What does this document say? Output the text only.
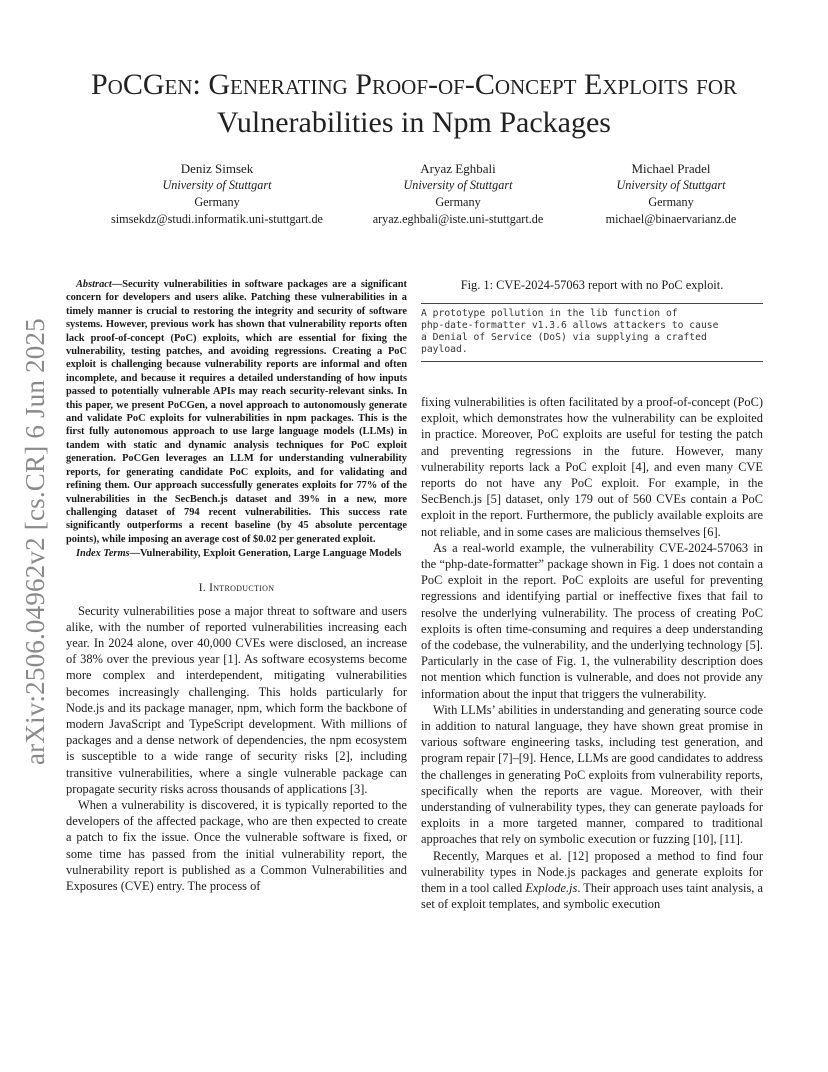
arXiv:2506.04962v2 [cs.CR] 6 Jun 2025
PoCGen: Generating Proof-of-Concept Exploits for
Vulnerabilities in Npm Packages
Deniz Simsek
University of Stuttgart
Germany
simsekdz@studi.informatik.uni-stuttgart.de
Aryaz Eghbali
University of Stuttgart
Germany
aryaz.eghbali@iste.uni-stuttgart.de
Michael Pradel
University of Stuttgart
Germany
michael@binaervarianz.de

Abstract—Security vulnerabilities in software packages are a significant concern for developers and users alike. Patching these vulnerabilities in a timely manner is crucial to restoring the integrity and security of software systems. However, previous work has shown that vulnerability reports often lack proof-of-concept (PoC) exploits, which are essential for fixing the vulnerability, testing patches, and avoiding regressions. Creating a PoC exploit is challenging because vulnerability reports are informal and often incomplete, and because it requires a detailed understanding of how inputs passed to potentially vulnerable APIs may reach security-relevant sinks. In this paper, we present PoCGen, a novel approach to autonomously generate and validate PoC exploits for vulnerabilities in npm packages. This is the first fully autonomous approach to use large language models (LLMs) in tandem with static and dynamic analysis techniques for PoC exploit generation. PoCGen leverages an LLM for understanding vulnerability reports, for generating candidate PoC exploits, and for validating and refining them. Our approach successfully generates exploits for 77% of the vulnerabilities in the SecBench.js dataset and 39% in a new, more challenging dataset of 794 recent vulnerabilities. This success rate significantly outperforms a recent baseline (by 45 absolute percentage points), while imposing an average cost of $0.02 per generated exploit.

Index Terms—Vulnerability, Exploit Generation, Large Language Models

I. Introduction

Security vulnerabilities pose a major threat to software and users alike, with the number of reported vulnerabilities increasing each year. In 2024 alone, over 40,000 CVEs were disclosed, an increase of 38% over the previous year [1]. As software ecosystems become more complex and interdependent, mitigating vulnerabilities becomes increasingly challenging. This holds particularly for Node.js and its package manager, npm, which form the backbone of modern JavaScript and TypeScript development. With millions of packages and a dense network of dependencies, the npm ecosystem is susceptible to a wide range of security risks [2], including transitive vulnerabilities, where a single vulnerable package can propagate security risks across thousands of applications [3].

When a vulnerability is discovered, it is typically reported to the developers of the affected package, who are then expected to create a patch to fix the issue. Once the vulnerable software is fixed, or some time has passed from the initial vulnerability report, the vulnerability report is published as a Common Vulnerabilities and Exposures (CVE) entry. The process of

Fig. 1: CVE-2024-57063 report with no PoC exploit.
A prototype pollution in the lib function of
php-date-formatter v1.3.6 allows attackers to cause
a Denial of Service (DoS) via supplying a crafted
payload.

fixing vulnerabilities is often facilitated by a proof-of-concept (PoC) exploit, which demonstrates how the vulnerability can be exploited in practice. Moreover, PoC exploits are useful for testing the patch and preventing regressions in the future. However, many vulnerability reports lack a PoC exploit [4], and even many CVE reports do not have any PoC exploit. For example, in the SecBench.js [5] dataset, only 179 out of 560 CVEs contain a PoC exploit in the report. Furthermore, the publicly available exploits are not reliable, and in some cases are malicious themselves [6].

As a real-world example, the vulnerability CVE-2024-57063 in the “php-date-formatter” package shown in Fig. 1 does not contain a PoC exploit in the report. PoC exploits are useful for preventing regressions and identifying partial or ineffective fixes that fail to resolve the underlying vulnerability. The process of creating PoC exploits is often time-consuming and requires a deep understanding of the codebase, the vulnerability, and the underlying technology [5]. Particularly in the case of Fig. 1, the vulnerability description does not mention which function is vulnerable, and does not provide any information about the input that triggers the vulnerability.

With LLMs’ abilities in understanding and generating source code in addition to natural language, they have shown great promise in various software engineering tasks, including test generation, and program repair [7]–[9]. Hence, LLMs are good candidates to address the challenges in generating PoC exploits from vulnerability reports, specifically when the reports are vague. Moreover, with their understanding of vulnerability types, they can generate payloads for exploits in a more targeted manner, compared to traditional approaches that rely on symbolic execution or fuzzing [10], [11].

Recently, Marques et al. [12] proposed a method to find four vulnerability types in Node.js packages and generate exploits for them in a tool called Explode.js. Their approach uses taint analysis, a set of exploit templates, and symbolic execution
